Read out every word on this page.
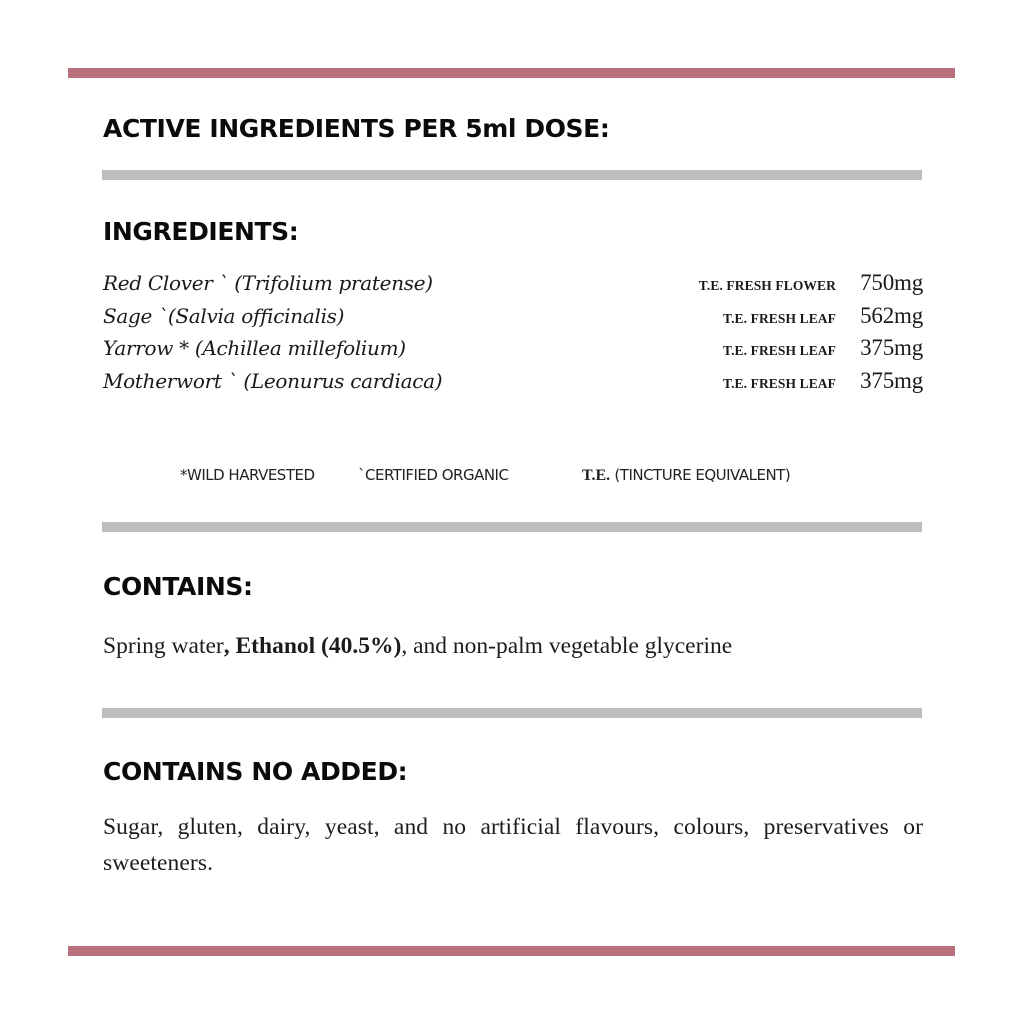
ACTIVE INGREDIENTS PER 5ml DOSE:
INGREDIENTS:
Red Clover ` (Trifolium pratense)	T.E. FRESH FLOWER	750mg
Sage `(Salvia officinalis)	T.E. FRESH LEAF	562mg
Yarrow * (Achillea millefolium)	T.E. FRESH LEAF	375mg
Motherwort ` (Leonurus cardiaca)	T.E. FRESH LEAF	375mg
*WILD HARVESTED	`CERTIFIED ORGANIC	T.E. (TINCTURE EQUIVALENT)
CONTAINS:

Spring water, Ethanol (40.5%), and non-palm vegetable glycerine

CONTAINS NO ADDED:

Sugar, gluten, dairy, yeast, and no artificial flavours, colours, preservatives or sweeteners.
